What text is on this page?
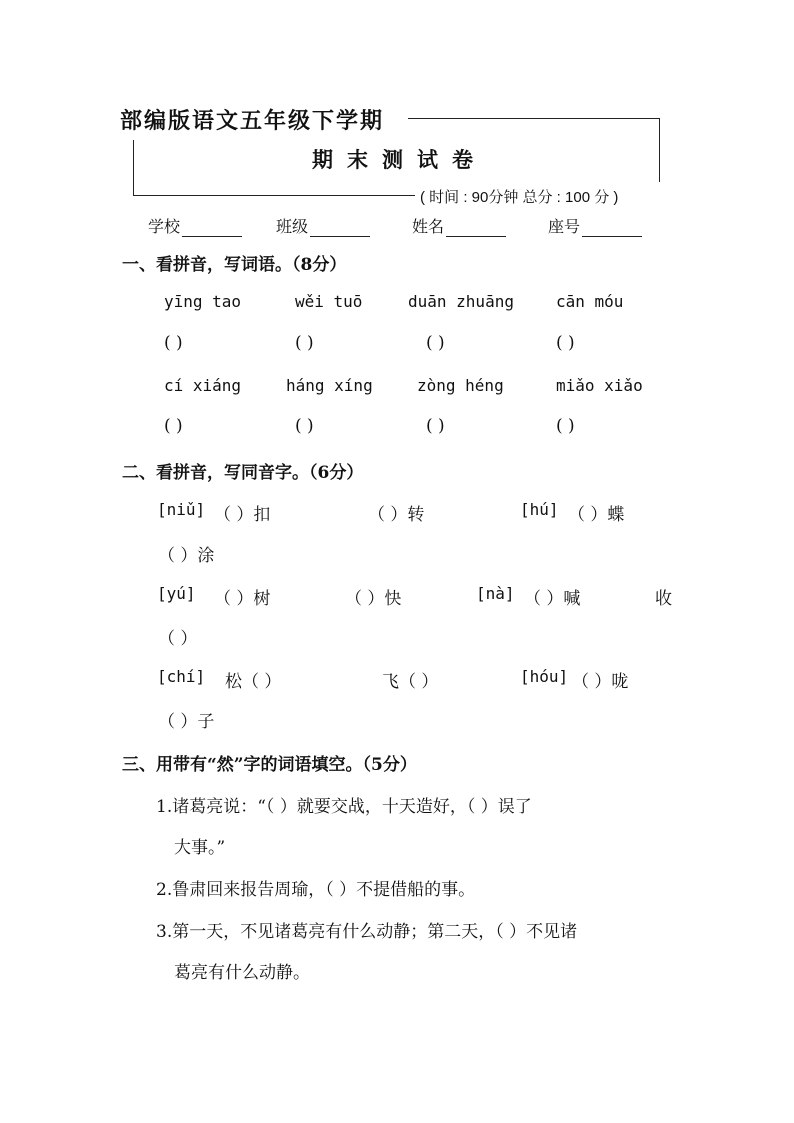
部编版语文五年级下学期
期末测试卷
( 时间 : 90分钟 总分 : 100 分 )
学校	班级	姓名	座号
一、看拼音，写词语。（8分）
yīng tao	wěi tuō	duān zhuāng	cān móu
( )	( )	( )	( )
cí xiáng	háng xíng	zòng héng	miǎo xiǎo
( )	( )	( )	( )
二、看拼音，写同音字。（6分）
[niǔ] （ ）扣	（ ）转	[hú] （ ）蝶
（ ）涂
[yú] （ ）树	（ ）快	[nà] （ ）喊	收
（ ）
[chí] 松（ ）	飞（ ）	[hóu] （ ）咙
（ ）子
三、用带有“然”字的词语填空。（5分）
1.诸葛亮说：“（ ）就要交战，十天造好，（ ）误了
大事。”
2.鲁肃回来报告周瑜，（ ）不提借船的事。
3.第一天，不见诸葛亮有什么动静；第二天，（ ）不见诸
葛亮有什么动静。
